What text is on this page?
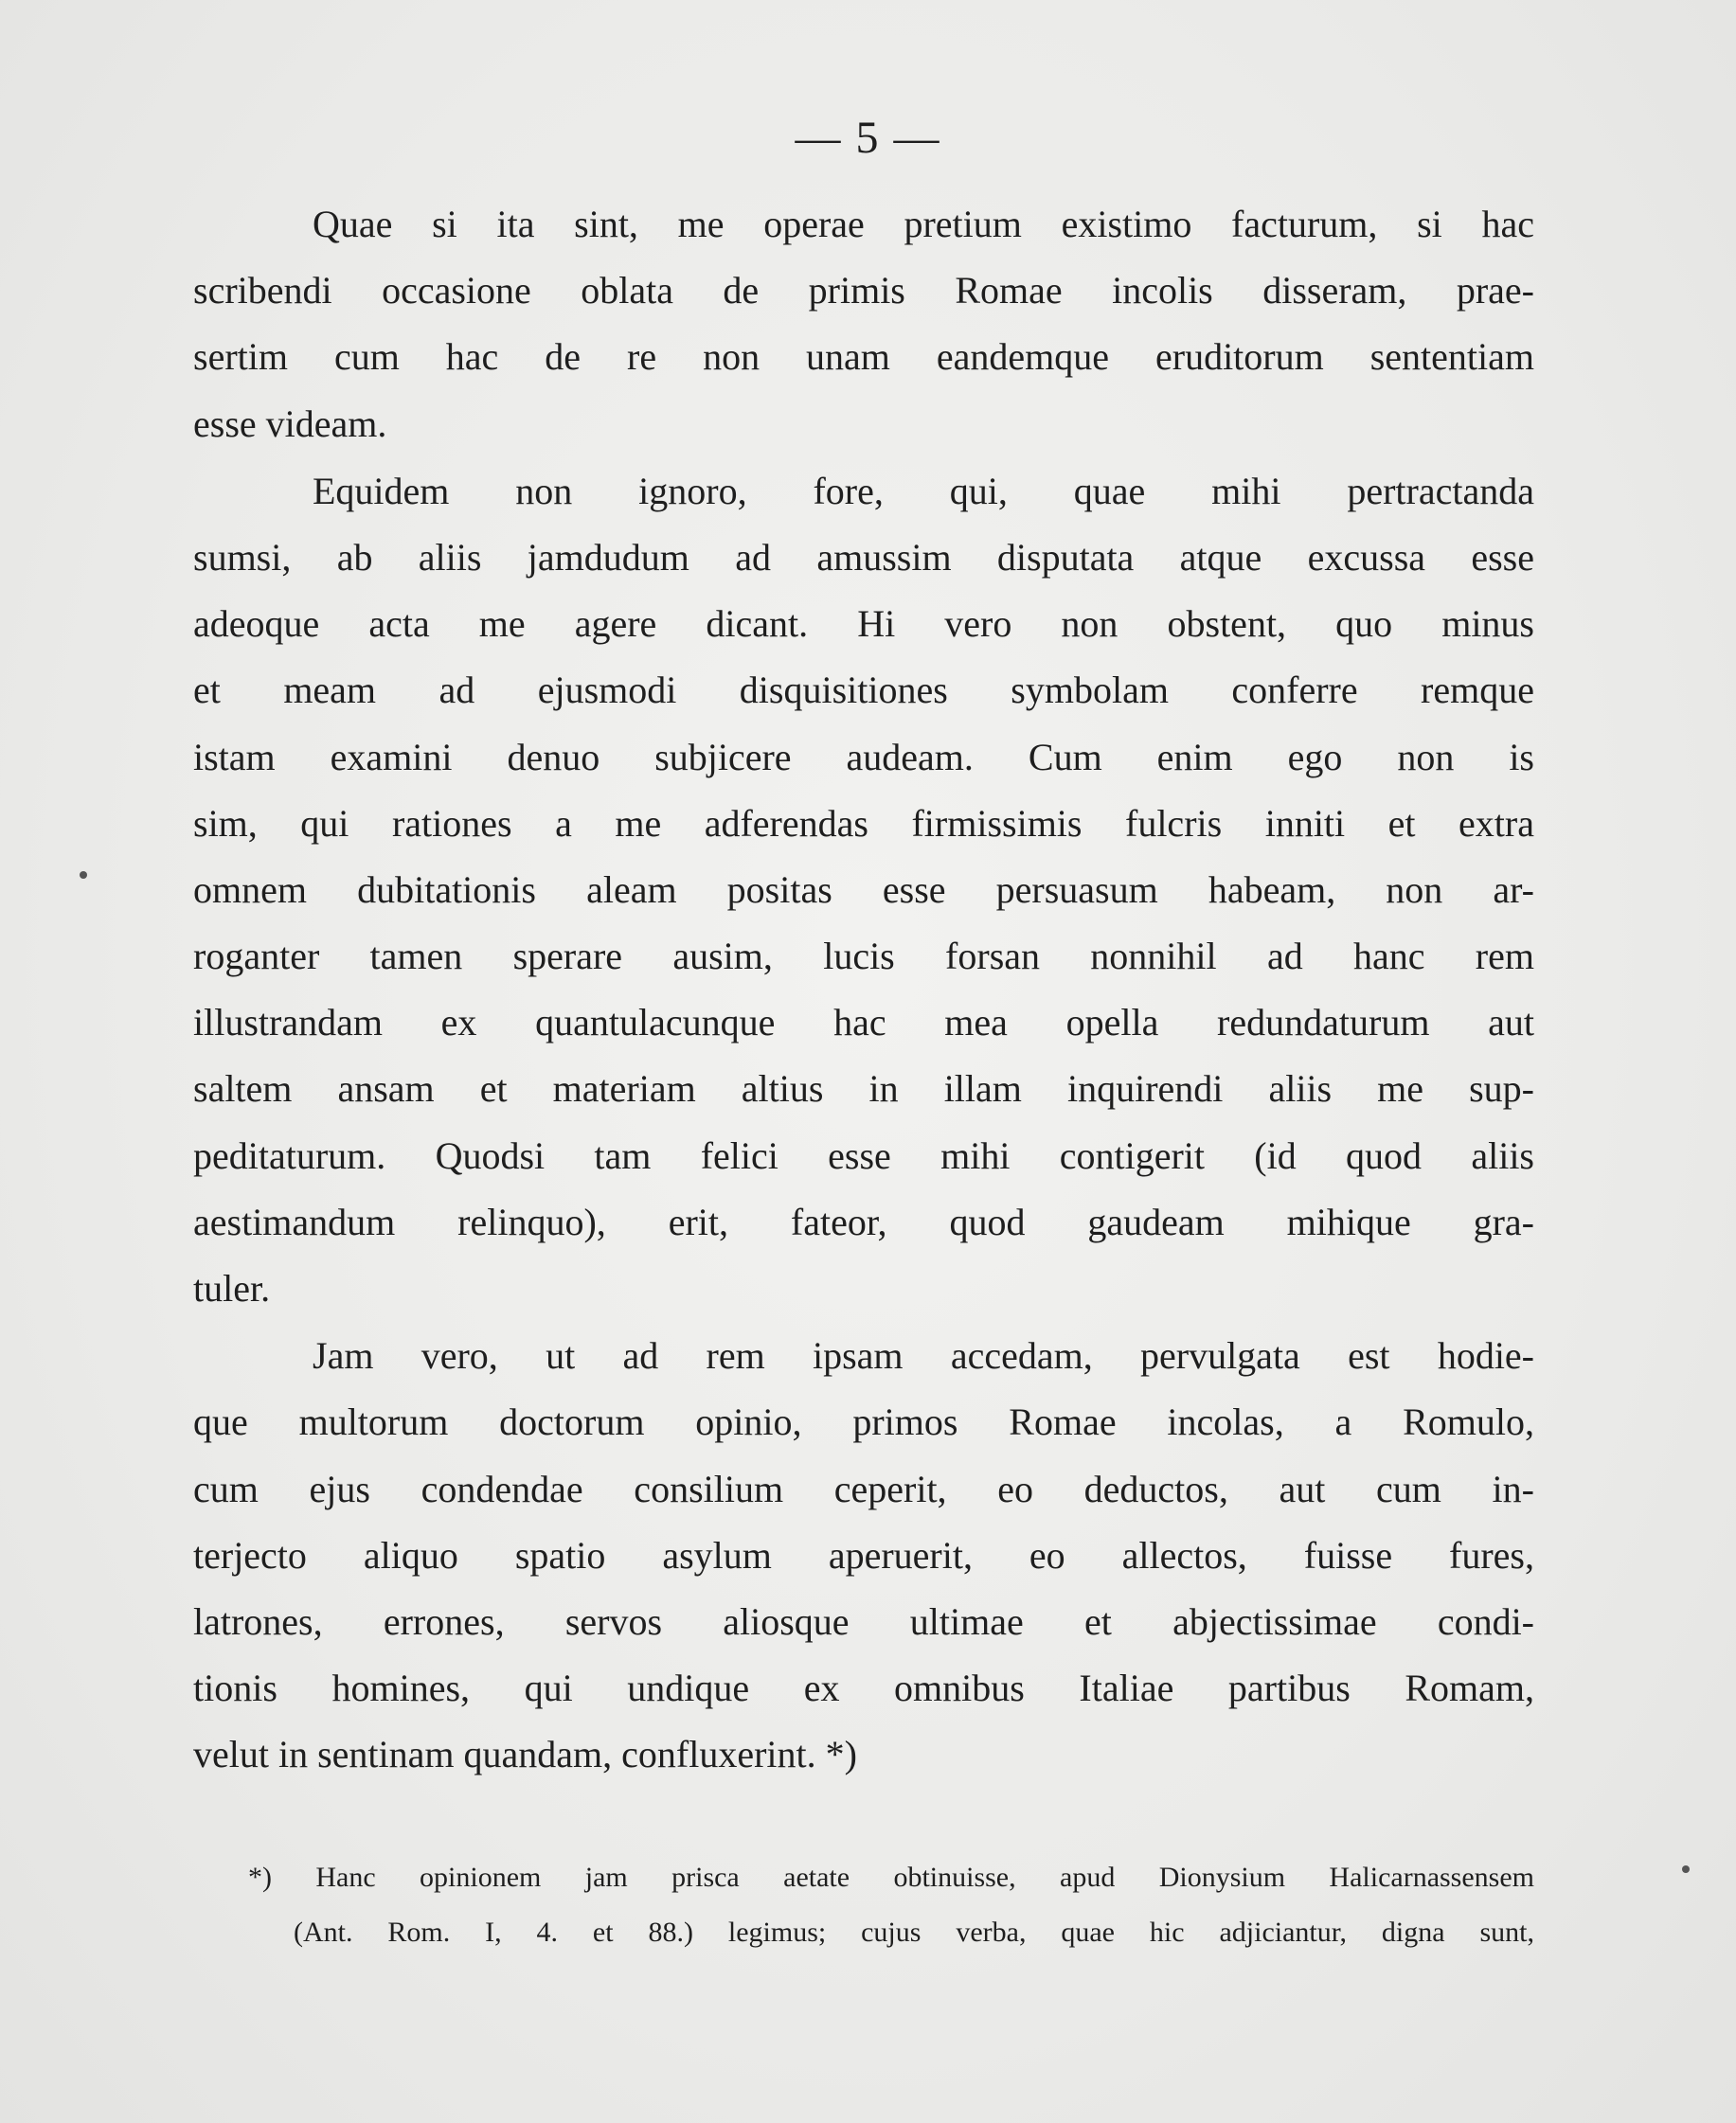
— 5 —
Quae si ita sint, me operae pretium existimo facturum, si hac
scribendi occasione oblata de primis Romae incolis disseram, prae-
sertim cum hac de re non unam eandemque eruditorum sententiam
esse videam.
Equidem non ignoro, fore, qui, quae mihi pertractanda
sumsi, ab aliis jamdudum ad amussim disputata atque excussa esse
adeoque acta me agere dicant. Hi vero non obstent, quo minus
et meam ad ejusmodi disquisitiones symbolam conferre remque
istam examini denuo subjicere audeam. Cum enim ego non is
sim, qui rationes a me adferendas firmissimis fulcris inniti et extra
omnem dubitationis aleam positas esse persuasum habeam, non ar-
roganter tamen sperare ausim, lucis forsan nonnihil ad hanc rem
illustrandam ex quantulacunque hac mea opella redundaturum aut
saltem ansam et materiam altius in illam inquirendi aliis me sup-
peditaturum. Quodsi tam felici esse mihi contigerit (id quod aliis
aestimandum relinquo), erit, fateor, quod gaudeam mihique gra-
tuler.
Jam vero, ut ad rem ipsam accedam, pervulgata est hodie-
que multorum doctorum opinio, primos Romae incolas, a Romulo,
cum ejus condendae consilium ceperit, eo deductos, aut cum in-
terjecto aliquo spatio asylum aperuerit, eo allectos, fuisse fures,
latrones, errones, servos aliosque ultimae et abjectissimae condi-
tionis homines, qui undique ex omnibus Italiae partibus Romam,
velut in sentinam quandam, confluxerint. *)
*) Hanc opinionem jam prisca aetate obtinuisse, apud Dionysium Halicarnassensem
(Ant. Rom. I, 4. et 88.) legimus; cujus verba, quae hic adjiciantur, digna sunt,
